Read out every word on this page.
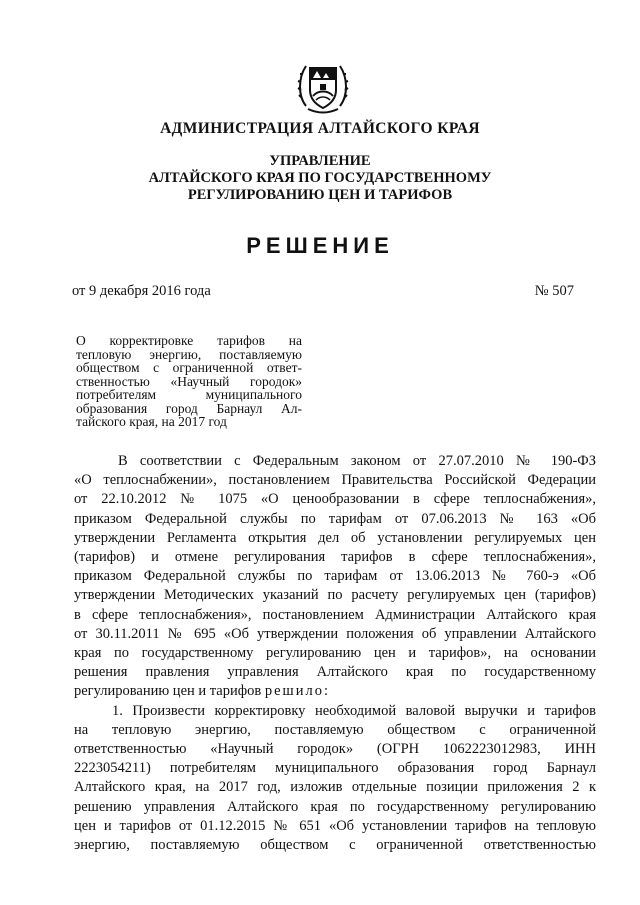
АДМИНИСТРАЦИЯ АЛТАЙСКОГО КРАЯ
УПРАВЛЕНИЕ
АЛТАЙСКОГО КРАЯ ПО ГОСУДАРСТВЕННОМУ
РЕГУЛИРОВАНИЮ ЦЕН И ТАРИФОВ
РЕШЕНИЕ
от 9 декабря 2016 года	№ 507
О корректировке тарифов на
тепловую энергию, поставляемую
обществом с ограниченной ответ-
ственностью «Научный городок»
потребителям муниципального
образования город Барнаул Ал-
тайского края, на 2017 год
В соответствии с Федеральным законом от 27.07.2010 № 190-ФЗ
«О теплоснабжении», постановлением Правительства Российской Федерации
от 22.10.2012 № 1075 «О ценообразовании в сфере теплоснабжения»,
приказом Федеральной службы по тарифам от 07.06.2013 № 163 «Об
утверждении Регламента открытия дел об установлении регулируемых цен
(тарифов) и отмене регулирования тарифов в сфере теплоснабжения»,
приказом Федеральной службы по тарифам от 13.06.2013 № 760-э «Об
утверждении Методических указаний по расчету регулируемых цен (тарифов)
в сфере теплоснабжения», постановлением Администрации Алтайского края
от 30.11.2011 № 695 «Об утверждении положения об управлении Алтайского
края по государственному регулированию цен и тарифов», на основании
решения правления управления Алтайского края по государственному
регулированию цен и тарифов решило:
1. Произвести корректировку необходимой валовой выручки и тарифов
на тепловую энергию, поставляемую обществом с ограниченной
ответственностью «Научный городок» (ОГРН 1062223012983, ИНН
2223054211) потребителям муниципального образования город Барнаул
Алтайского края, на 2017 год, изложив отдельные позиции приложения 2 к
решению управления Алтайского края по государственному регулированию
цен и тарифов от 01.12.2015 № 651 «Об установлении тарифов на тепловую
энергию, поставляемую обществом с ограниченной ответственностью
